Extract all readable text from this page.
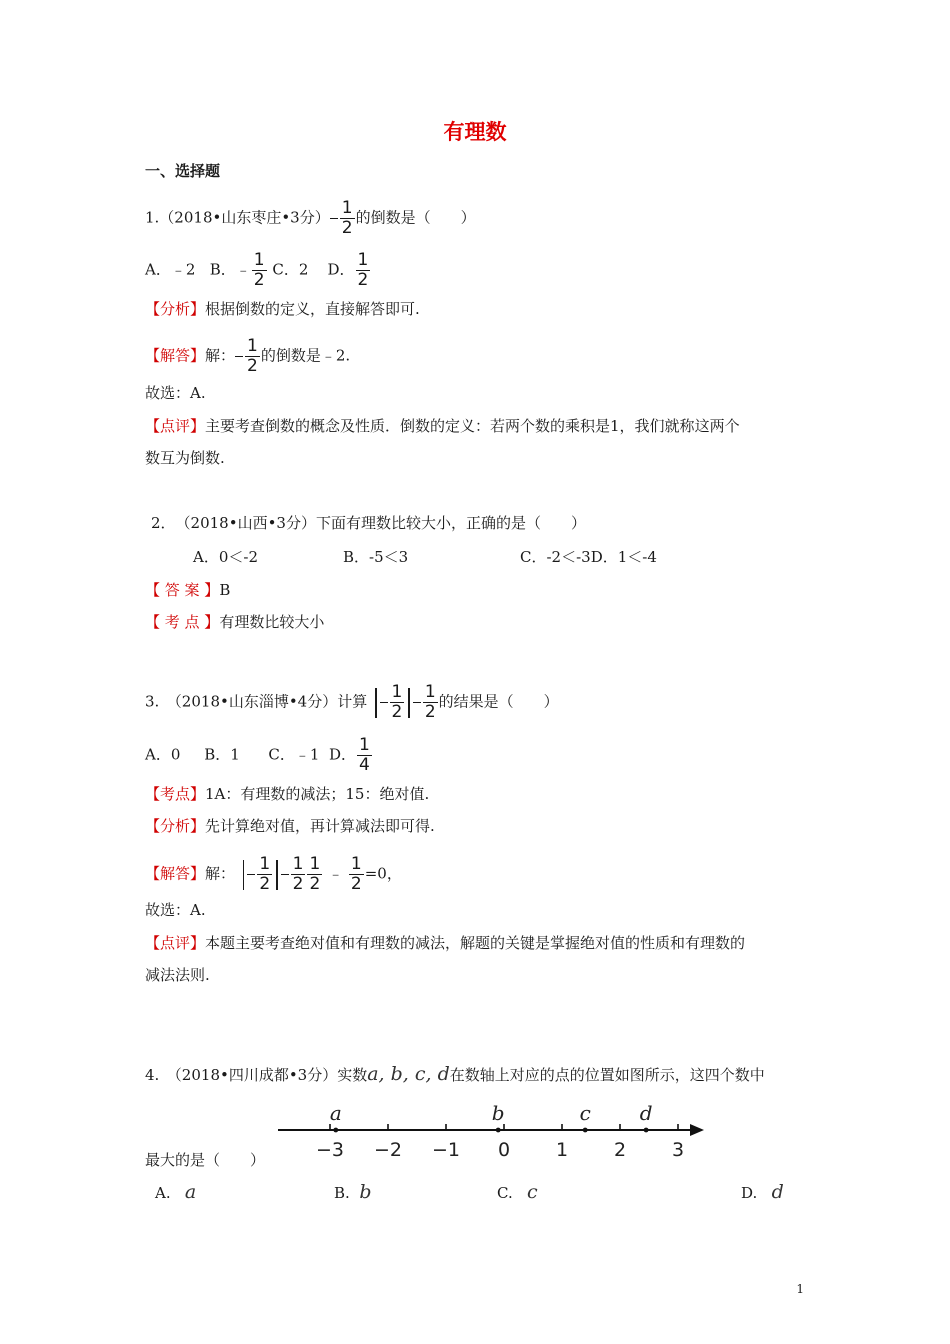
有理数
一、选择题
1.（2018•山东枣庄•3分） $\frac{1}{2}$ 的倒数是（　　）
A．﹣2 B．﹣ $\frac{1}{2}$ C．2 D． $\frac{1}{2}$
【分析】根据倒数的定义，直接解答即可.
【解答】解： $\frac{1}{2}$ 的倒数是﹣2.
故选：A.
【点评】主要考查倒数的概念及性质．倒数的定义：若两个数的乘积是1，我们就称这两个
数互为倒数.
2．　（2018•山西•3分）下面有理数比较大小，正确的是（　　）
A．0＜-2	B．-5＜3	C．-2＜-3D．1＜-4
【 答 案 】B
【 考 点 】有理数比较大小
3.　（2018•山东淄博•4分）计算 $\frac{1}{2} \frac{1}{2}$ 的结果是（　　）
A．0 B．1 C．﹣1 D． $\frac{1}{4}$
【考点】1A：有理数的减法；15：绝对值.
【分析】先计算绝对值，再计算减法即可得.
【解答】解： $\frac{1}{2} \frac{1}{2} \frac{1}{2}$ ﹣ $\frac{1}{2} =0$，
故选：A.
【点评】本题主要考查绝对值和有理数的减法，解题的关键是掌握绝对值的性质和有理数的
减法法则.
4.　（2018•四川成都•3分）实数a, b, c, d在数轴上对应的点的位置如图所示，这四个数中
最大的是（　　）	−3 −2 −1 0 1 2 3
a	b	c d
A. a	B. b	C. c	D. d
1
